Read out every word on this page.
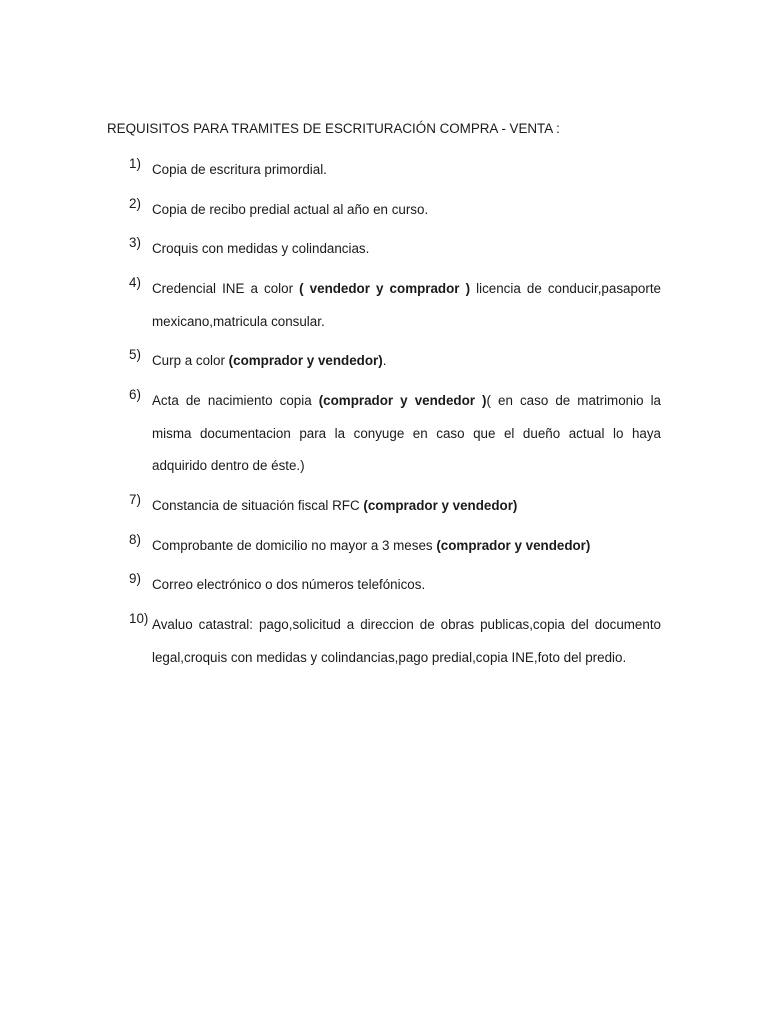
REQUISITOS PARA TRAMITES DE ESCRITURACIÓN COMPRA - VENTA :
1) Copia de escritura primordial.
2) Copia de recibo predial actual al año en curso.
3) Croquis con medidas y colindancias.
4) Credencial INE a color ( vendedor y comprador ) licencia de conducir,pasaporte mexicano,matricula consular.
5) Curp a color (comprador y vendedor).
6) Acta de nacimiento copia (comprador y vendedor )( en caso de matrimonio la misma documentacion para la conyuge en caso que el dueño actual lo haya adquirido dentro de éste.)
7) Constancia de situación fiscal RFC (comprador y vendedor)
8) Comprobante de domicilio no mayor a 3 meses (comprador y vendedor)
9) Correo electrónico o dos números telefónicos.
10) Avaluo catastral: pago,solicitud a direccion de obras publicas,copia del documento legal,croquis con medidas y colindancias,pago predial,copia INE,foto del predio.
